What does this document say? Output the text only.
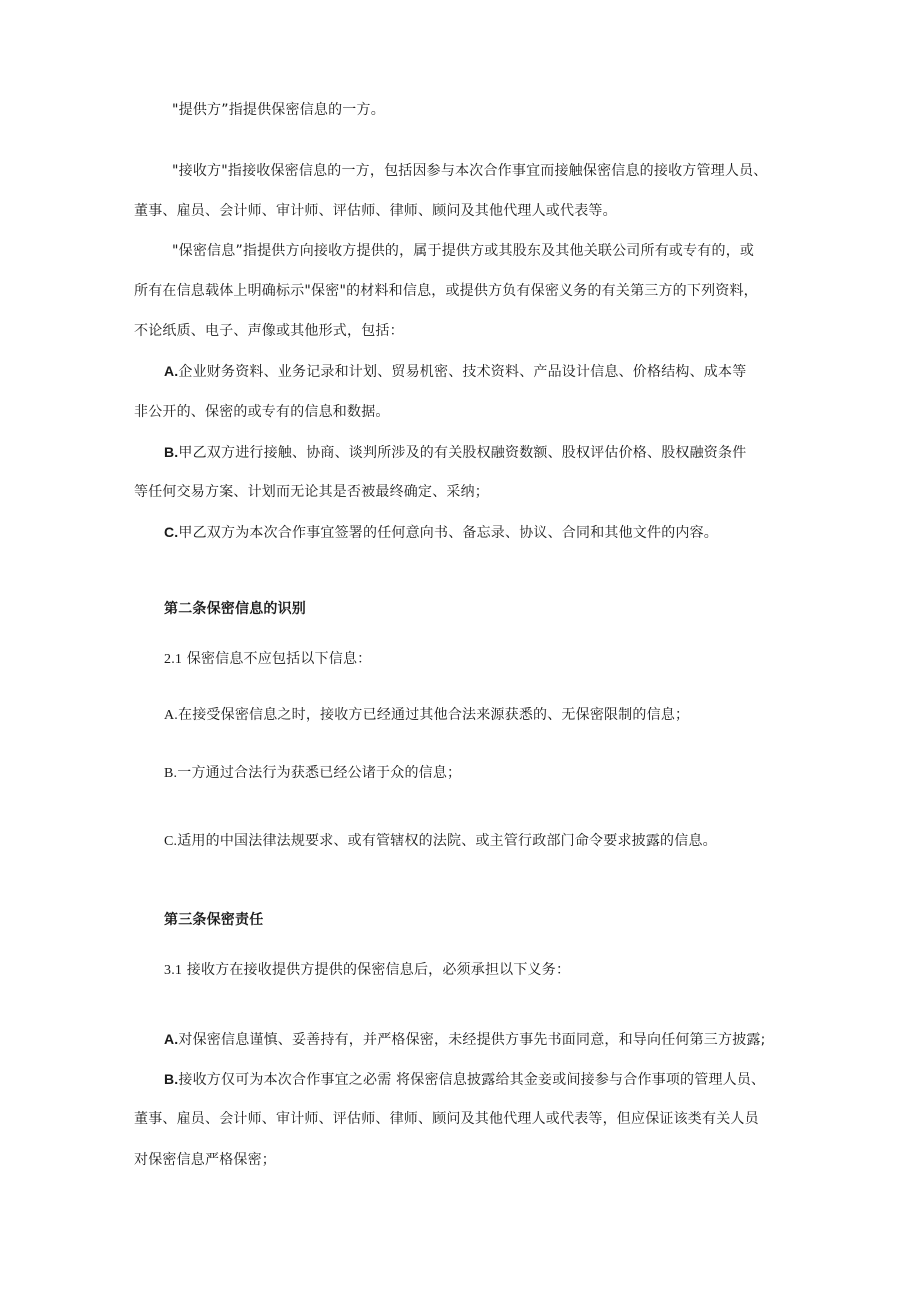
"提供方”指提供保密信息的一方。
"接收方"指接收保密信息的一方，包括因参与本次合作事宜而接触保密信息的接收方管理人员、
董事、雇员、会计师、审计师、评估师、律师、顾问及其他代理人或代表等。
"保密信息”指提供方向接收方提供的，属于提供方或其股东及其他关联公司所有或专有的，或
所有在信息载体上明确标示"保密"的材料和信息，或提供方负有保密义务的有关第三方的下列资料，
不论纸质、电子、声像或其他形式，包括：
A.企业财务资料、业务记录和计划、贸易机密、技术资料、产品设计信息、价格结构、成本等
非公开的、保密的或专有的信息和数据。
B.甲乙双方进行接触、协商、谈判所涉及的有关股权融资数额、股权评估价格、股权融资条件
等任何交易方案、计划而无论其是否被最终确定、采纳；
C.甲乙双方为本次合作事宜签署的任何意向书、备忘录、协议、合同和其他文件的内容。
第二条保密信息的识别
2.1 保密信息不应包括以下信息：
A.在接受保密信息之时，接收方已经通过其他合法来源获悉的、无保密限制的信息；
B.一方通过合法行为获悉已经公诸于众的信息；
C.适用的中国法律法规要求、或有管辖权的法院、或主管行政部门命令要求披露的信息。
第三条保密责任
3.1 接收方在接收提供方提供的保密信息后，必须承担以下义务：
A.对保密信息谨慎、妥善持有，并严格保密，未经提供方事先书面同意，和导向任何第三方披露;
B.接收方仅可为本次合作事宜之必需 将保密信息披露给其金妾或间接参与合作事项的管理人员、
董事、雇员、会计师、审计师、评估师、律师、顾问及其他代理人或代表等，但应保证该类有关人员
对保密信息严格保密；
